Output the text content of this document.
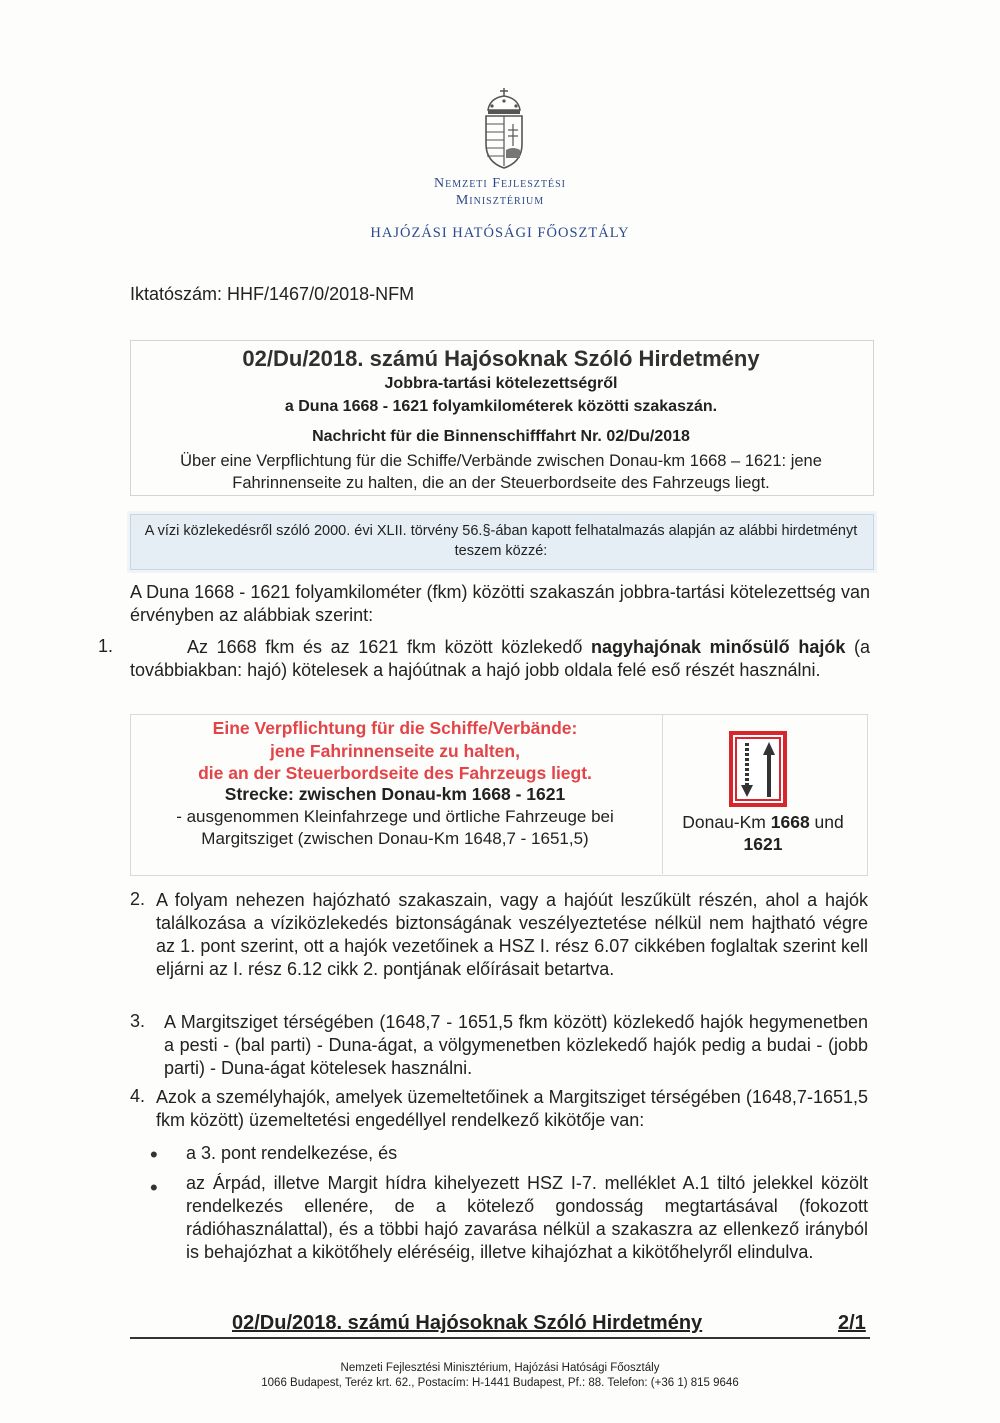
Nemzeti Fejlesztési
Minisztérium
HAJÓZÁSI HATÓSÁGI FŐOSZTÁLY
Iktatószám: HHF/1467/0/2018-NFM
02/Du/2018. számú Hajósoknak Szóló Hirdetmény
Jobbra-tartási kötelezettségről
a Duna 1668 - 1621 folyamkilométerek közötti szakaszán.
Nachricht für die Binnenschifffahrt Nr. 02/Du/2018
Über eine Verpflichtung für die Schiffe/Verbände zwischen Donau-km 1668 – 1621: jene Fahrinnenseite zu halten, die an der Steuerbordseite des Fahrzeugs liegt.
A vízi közlekedésről szóló 2000. évi XLII. törvény 56.§-ában kapott felhatalmazás alapján az alábbi hirdetményt teszem közzé:
A Duna 1668 - 1621 folyamkilométer (fkm) közötti szakaszán jobbra-tartási kötelezettség van érvényben az alábbiak szerint:
1.	Az 1668 fkm és az 1621 fkm között közlekedő nagyhajónak minősülő hajók (a továbbiakban: hajó) kötelesek a hajóútnak a hajó jobb oldala felé eső részét használni.
Eine Verpflichtung für die Schiffe/Verbände:
jene Fahrinnenseite zu halten,
die an der Steuerbordseite des Fahrzeugs liegt.
Strecke: zwischen Donau-km 1668 - 1621
- ausgenommen Kleinfahrzege und örtliche Fahrzeuge bei Margitsziget (zwischen Donau-Km 1648,7 - 1651,5)
Donau-Km 1668 und 1621
2. A folyam nehezen hajózható szakaszain, vagy a hajóút leszűkült részén, ahol a hajók találkozása a víziközlekedés biztonságának veszélyeztetése nélkül nem hajtható végre az 1. pont szerint, ott a hajók vezetőinek a HSZ I. rész 6.07 cikkében foglaltak szerint kell eljárni az I. rész 6.12 cikk 2. pontjának előírásait betartva.
3. A Margitsziget térségében (1648,7 - 1651,5 fkm között) közlekedő hajók hegymenetben a pesti - (bal parti) - Duna-ágat, a völgymenetben közlekedő hajók pedig a budai - (jobb parti) - Duna-ágat kötelesek használni.
4. Azok a személyhajók, amelyek üzemeltetőinek a Margitsziget térségében (1648,7-1651,5 fkm között) üzemeltetési engedéllyel rendelkező kikötője van:
• a 3. pont rendelkezése, és
• az Árpád, illetve Margit hídra kihelyezett HSZ I-7. melléklet A.1 tiltó jelekkel közölt rendelkezés ellenére, de a kötelező gondosság megtartásával (fokozott rádióhasználattal), és a többi hajó zavarása nélkül a szakaszra az ellenkező irányból is behajózhat a kikötőhely eléréséig, illetve kihajózhat a kikötőhelyről elindulva.
02/Du/2018. számú Hajósoknak Szóló Hirdetmény	2/1
Nemzeti Fejlesztési Minisztérium, Hajózási Hatósági Főosztály
1066 Budapest, Teréz krt. 62., Postacím: H-1441 Budapest, Pf.: 88. Telefon: (+36 1) 815 9646
